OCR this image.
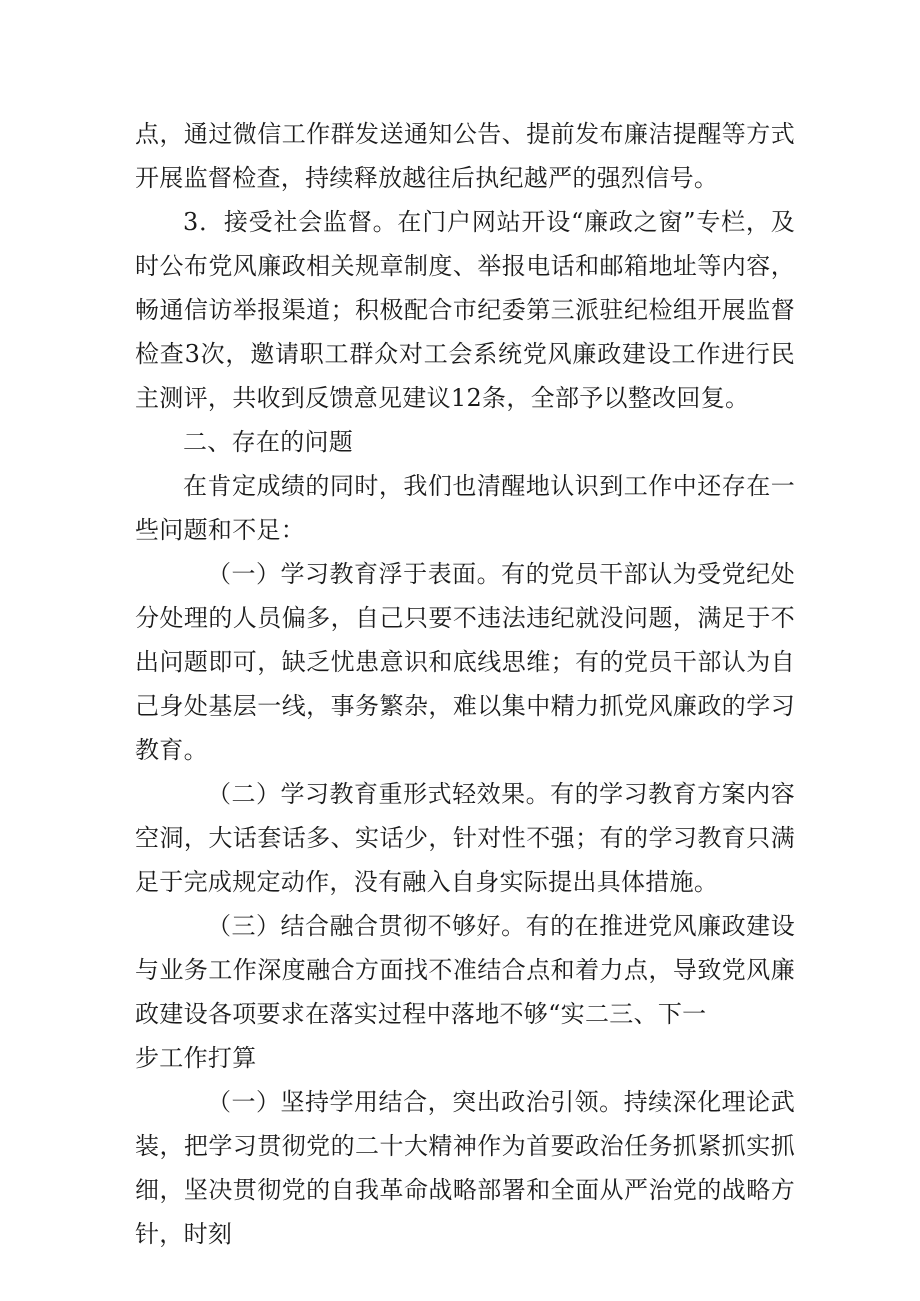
点，通过微信工作群发送通知公告、提前发布廉洁提醒等方式开展监督检查，持续释放越往后执纪越严的强烈信号。

3．接受社会监督。在门户网站开设“廉政之窗”专栏，及时公布党风廉政相关规章制度、举报电话和邮箱地址等内容，畅通信访举报渠道；积极配合市纪委第三派驻纪检组开展监督检查3次，邀请职工群众对工会系统党风廉政建设工作进行民主测评，共收到反馈意见建议12条，全部予以整改回复。

二、存在的问题

在肯定成绩的同时，我们也清醒地认识到工作中还存在一些问题和不足：

（一）学习教育浮于表面。有的党员干部认为受党纪处分处理的人员偏多，自己只要不违法违纪就没问题，满足于不出问题即可，缺乏忧患意识和底线思维；有的党员干部认为自己身处基层一线，事务繁杂，难以集中精力抓党风廉政的学习教育。

（二）学习教育重形式轻效果。有的学习教育方案内容空洞，大话套话多、实话少，针对性不强；有的学习教育只满足于完成规定动作，没有融入自身实际提出具体措施。

（三）结合融合贯彻不够好。有的在推进党风廉政建设与业务工作深度融合方面找不准结合点和着力点，导致党风廉政建设各项要求在落实过程中落地不够“实二三、下一

步工作打算

（一）坚持学用结合，突出政治引领。持续深化理论武装，把学习贯彻党的二十大精神作为首要政治任务抓紧抓实抓细，坚决贯彻党的自我革命战略部署和全面从严治党的战略方针，时刻
